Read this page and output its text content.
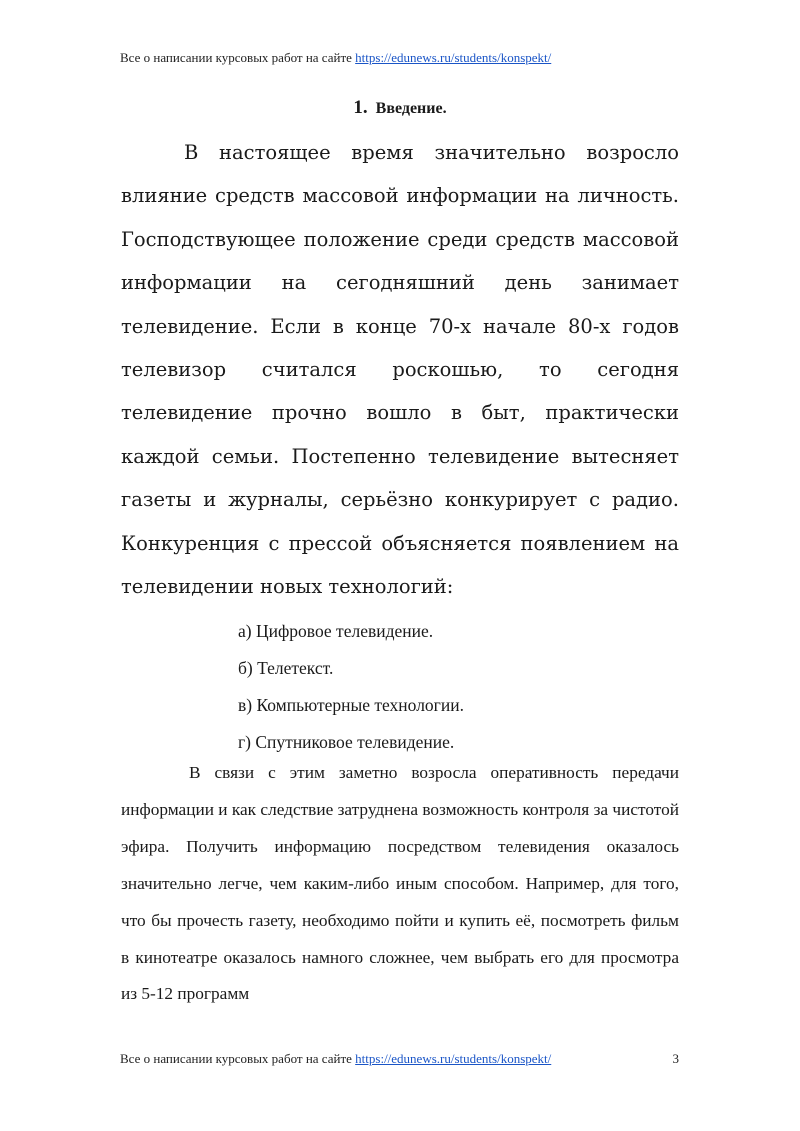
Все о написании курсовых работ на сайте https://edunews.ru/students/konspekt/
1. Введение.
В настоящее время значительно возросло влияние средств массовой информации на личность. Господствующее положение среди средств массовой информации на сегодняшний день занимает телевидение. Если в конце 70-х начале 80-х годов телевизор считался роскошью, то сегодня телевидение прочно вошло в быт, практически каждой семьи. Постепенно телевидение вытесняет газеты и журналы, серьёзно конкурирует с радио. Конкуренция с прессой объясняется появлением на телевидении новых технологий:
а) Цифровое телевидение.
б) Телетекст.
в) Компьютерные технологии.
г) Спутниковое телевидение.
В связи с этим заметно возросла оперативность передачи информации и как следствие затруднена возможность контроля за чистотой эфира. Получить информацию посредством телевидения оказалось значительно легче, чем каким-либо иным способом. Например, для того, что бы прочесть газету, необходимо пойти и купить её, посмотреть фильм в кинотеатре оказалось намного сложнее, чем выбрать его для просмотра из 5-12 программ
Все о написании курсовых работ на сайте https://edunews.ru/students/konspekt/	3
